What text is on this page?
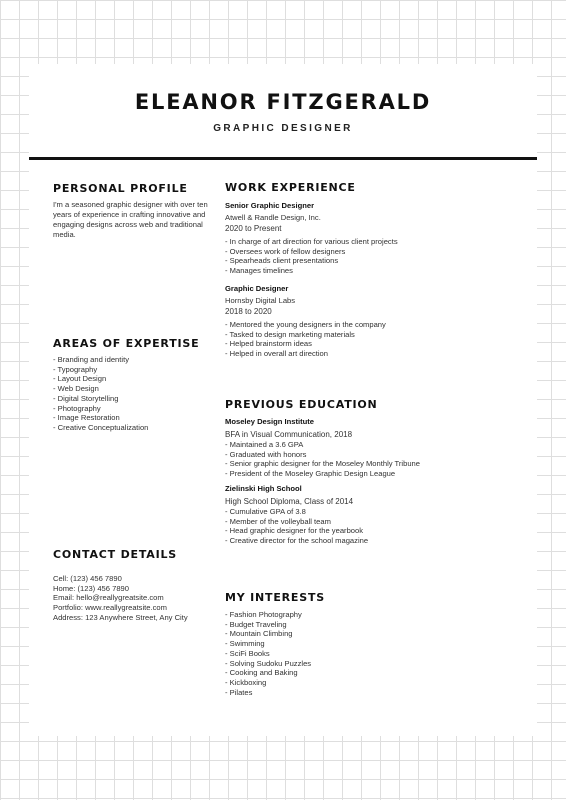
ELEANOR FITZGERALD
GRAPHIC DESIGNER
PERSONAL PROFILE
I'm a seasoned graphic designer with over ten years of experience in crafting innovative and engaging designs across web and traditional media.
AREAS OF EXPERTISE
- Branding and identity
- Typography
- Layout Design
- Web Design
- Digital Storytelling
- Photography
- Image Restoration
- Creative Conceptualization
CONTACT DETAILS
Cell: (123) 456 7890
Home: (123) 456 7890
Email: hello@reallygreatsite.com
Portfolio: www.reallygreatsite.com
Address: 123 Anywhere Street, Any City
WORK EXPERIENCE
Senior Graphic Designer
Atwell & Randle Design, Inc.
2020 to Present
- In charge of art direction for various client projects
- Oversees work of fellow designers
- Spearheads client presentations
- Manages timelines
Graphic Designer
Hornsby Digital Labs
2018 to 2020
- Mentored the young designers in the company
- Tasked to design marketing materials
- Helped brainstorm ideas
- Helped in overall art direction
PREVIOUS EDUCATION
Moseley Design Institute
BFA in Visual Communication, 2018
- Maintained a 3.6 GPA
- Graduated with honors
- Senior graphic designer for the Moseley Monthly Tribune
- President of the Moseley Graphic Design League
Zielinski High School
High School Diploma, Class of 2014
- Cumulative GPA of 3.8
- Member of the volleyball team
- Head graphic designer for the yearbook
- Creative director for the school magazine
MY INTERESTS
- Fashion Photography
- Budget Traveling
- Mountain Climbing
- Swimming
- SciFi Books
- Solving Sudoku Puzzles
- Cooking and Baking
- Kickboxing
- Pilates
